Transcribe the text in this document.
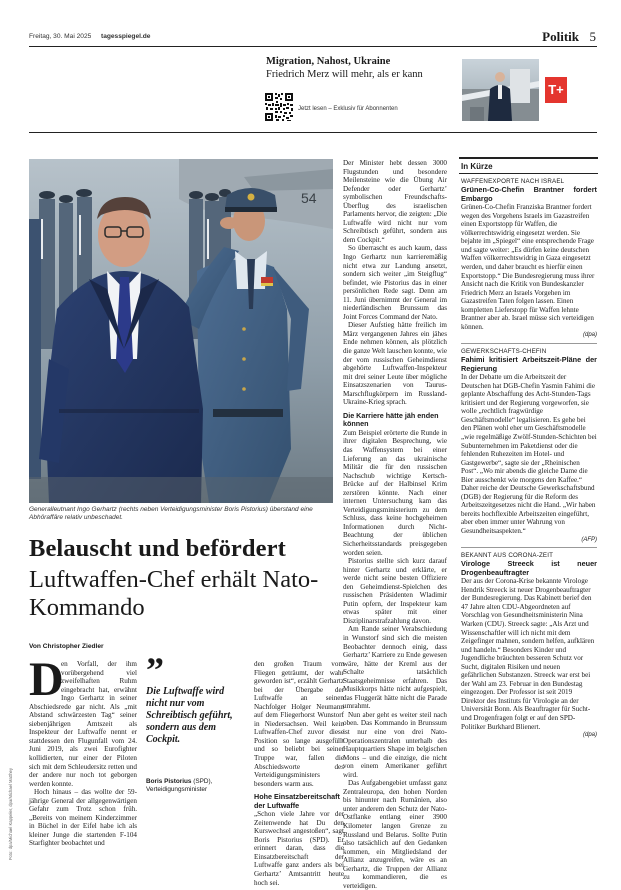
Freitag, 30. Mai 2025 tagesspiegel.de	Politik 5
Migration, Nahost, Ukraine
Friedrich Merz will mehr, als er kann
Jetzt lesen – Exklusiv für Abonnenten
T+
54
Generalleutnant Ingo Gerhartz (rechts neben Verteidigungsminister Boris Pistorius) überstand eine Abhöraffäre relativ unbeschadet.
Foto: dpa/Michael Kappeler, dpa/Michael Matthey
Belauscht und befördert
Luftwaffen-Chef erhält Nato-Kommando
Von Christopher Ziedler
D

en Vorfall, der ihm vorübergehend viel zweifelhaften Ruhm eingebracht hat, erwähnt Ingo Gerhartz in seiner Abschiedsrede gar nicht. Als „mit Abstand schwärzesten Tag“ seiner siebenjährigen Amtszeit als Inspekteur der Luftwaffe nennt er stattdessen den Flugunfall vom 24. Juni 2019, als zwei Eurofighter kollidierten, nur einer der Piloten sich mit dem Schleudersitz retten und der andere nur noch tot geborgen werden konnte.

Hoch hinaus – das wollte der 59-jährige General der allgegenwärtigen Gefahr zum Trotz schon früh. „Bereits von meinem Kinderzimmer in Büchel in der Eifel habe ich als kleiner Junge die startenden F-104 Starfighter beobachtet und

”
Die Luftwaffe wird nicht nur vom Schreibtisch geführt, sondern aus dem Cockpit.
Boris Pistorius (SPD),
Verteidigungsminister

den großen Traum vom Fliegen geträumt, der wahr geworden ist“, erzählt Gerhartz bei der Übergabe der Luftwaffe an seinen Nachfolger Holger Neumann auf dem Fliegerhorst Wunstorf in Niedersachsen. Weil kein Luftwaffen-Chef zuvor diese Position so lange ausgefüllt und so beliebt bei seiner Truppe war, fallen die Abschiedsworte des Verteidigungsministers besonders warm aus.

Hohe Einsatzbereitschaft der Luftwaffe

„Schon viele Jahre vor der Zeitenwende hat Du den Kurswechsel angestoßen“, sagt Boris Pistorius (SPD). Er erinnert daran, dass die Einsatzbereitschaft der Luftwaffe ganz anders als bei Gerhartz’ Amtsantritt heute hoch sei.

Der Minister hebt dessen 3000 Flugstunden und besondere Meilensteine wie die Übung Air Defender oder Gerhartz’ symbolischen Freundschafts-Überflug des israelischen Parlaments hervor, die zeigten: „Die Luftwaffe wird nicht nur vom Schreibtisch geführt, sondern aus dem Cockpit.“

So überrascht es auch kaum, dass Ingo Gerhartz nun karrieremäßig nicht etwa zur Landung ansetzt, sondern sich weiter „im Steigflug“ befindet, wie Pistorius das in einer persönlichen Rede sagt. Denn am 11. Juni übernimmt der General im niederländischen Brunssum das Joint Forces Command der Nato.

Dieser Aufstieg hätte freilich im März vergangenen Jahres ein jähes Ende nehmen können, als plötzlich die ganze Welt lauschen konnte, wie der vom russischen Geheimdienst abgehörte Luftwaffen-Inspekteur mit drei seiner Leute über mögliche Einsatzszenarien von Taurus-Marschflugkörpern im Russland-Ukraine-Krieg sprach.

Die Karriere hätte jäh enden können

Zum Beispiel erörterte die Runde in ihrer digitalen Besprechung, wie das Waffensystem bei einer Lieferung an das ukrainische Militär die für den russischen Nachschub wichtige Kertsch-Brücke auf der Halbinsel Krim zerstören könnte. Nach einer internen Untersuchung kam das Verteidigungsministerium zu dem Schluss, dass keine hochgeheimen Informationen durch Nicht-Beachtung der üblichen Sicherheitsstandards preisgegeben worden seien.

Pistorius stellte sich kurz darauf hinter Gerhartz und erklärte, er werde nicht seine besten Offiziere den Geheimdienst-Spielchen des russischen Präsidenten Wladimir Putin opfern, der Inspekteur kam etwas später mit einer Disziplinarstrafzahlung davon.

Am Rande seiner Verabschiedung in Wunstorf sind sich die meisten Beobachter dennoch einig, dass Gerhartz’ Karriere zu Ende gewesen wäre, hätte der Kreml aus der Schalte tatsächlich Staatsgeheimnisse erfahren. Das Musikkorps hätte nicht aufgespielt, das Fluggerät hätte nicht die Parade umrahmt.

Nun aber geht es weiter steil nach oben. Das Kommando in Brunssum ist nur eine von drei Nato-Operationszentralen unterhalb des Hauptquartiers Shape im belgischen Mons – und die einzige, die nicht von einem Amerikaner geführt wird.

Das Aufgabengebiet umfasst ganz Zentraleuropa, den hohen Norden bis hinunter nach Rumänien, also unter anderem den Schutz der Nato-Ostflanke entlang einer 3900 Kilometer langen Grenze zu Russland und Belarus. Sollte Putin also tatsächlich auf den Gedanken kommen, ein Mitgliedsland der Allianz anzugreifen, wäre es an Gerhartz, die Truppen der Allianz zu kommandieren, die es verteidigen.

In Kürze
WAFFENEXPORTE NACH ISRAEL
Grünen-Co-Chefin Brantner fordert Embargo

Grünen-Co-Chefin Franziska Brantner fordert wegen des Vorgehens Israels im Gazastreifen einen Exportstopp für Waffen, die völkerrechtswidrig eingesetzt werden. Sie bejahte im „Spiegel“ eine entsprechende Frage und sagte weiter: „Es dürfen keine deutschen Waffen völkerrechtswidrig in Gaza eingesetzt werden, und daher braucht es hierfür einen Exportstopp.“ Die Bundesregierung muss ihrer Ansicht nach die Kritik von Bundeskanzler Friedrich Merz an Israels Vorgehen im Gazastreifen Taten folgen lassen. Einen kompletten Lieferstopp für Waffen lehnte Brantner aber ab. Israel müsse sich verteidigen können.

(dpa)
GEWERKSCHAFTS-CHEFIN
Fahimi kritisiert Arbeitszeit-Pläne der Regierung

In der Debatte um die Arbeitszeit der Deutschen hat DGB-Chefin Yasmin Fahimi die geplante Abschaffung des Acht-Stunden-Tags kritisiert und der Regierung vorgeworfen, sie wolle „rechtlich fragwürdige Geschäftsmodelle“ legalisieren. Es gehe bei den Plänen wohl eher um Geschäftsmodelle „wie regelmäßige Zwölf-Stunden-Schichten bei Subunternehmen im Paketdienst oder die fehlenden Ruhezeiten im Hotel- und Gastgewerbe“, sagte sie der „Rheinischen Post“. „Wo mir abends die gleiche Dame die Bier ausschenkt wie morgens den Kaffee.“ Daher reiche der Deutsche Gewerkschaftsbund (DGB) der Regierung für die Reform des Arbeitszeitgesetzes nicht die Hand. „Wir haben bereits hochflexible Arbeitszeiten eingeführt, aber eben immer unter Wahrung von Gesundheitsaspekten.“

(AFP)
BEKANNT AUS CORONA-ZEIT
Virologe Streeck ist neuer Drogenbeauftragter

Der aus der Corona-Krise bekannte Virologe Hendrik Streeck ist neuer Drogenbeauftragter der Bundesregierung. Das Kabinett berief den 47 Jahre alten CDU-Abgeordneten auf Vorschlag von Gesundheitsministerin Nina Warken (CDU). Streeck sagte: „Als Arzt und Wissenschaftler will ich nicht mit dem Zeigefinger mahnen, sondern helfen, aufklären und handeln.“ Besonders Kinder und Jugendliche bräuchten besseren Schutz vor Sucht, digitalen Risiken und neuen gefährlichen Substanzen. Streeck war erst bei der Wahl am 23. Februar in den Bundestag eingezogen. Der Professor ist seit 2019 Direktor des Instituts für Virologie an der Universität Bonn. Als Beauftragter für Sucht- und Drogenfragen folgt er auf den SPD-Politiker Burkhard Blienert.

(dpa)
